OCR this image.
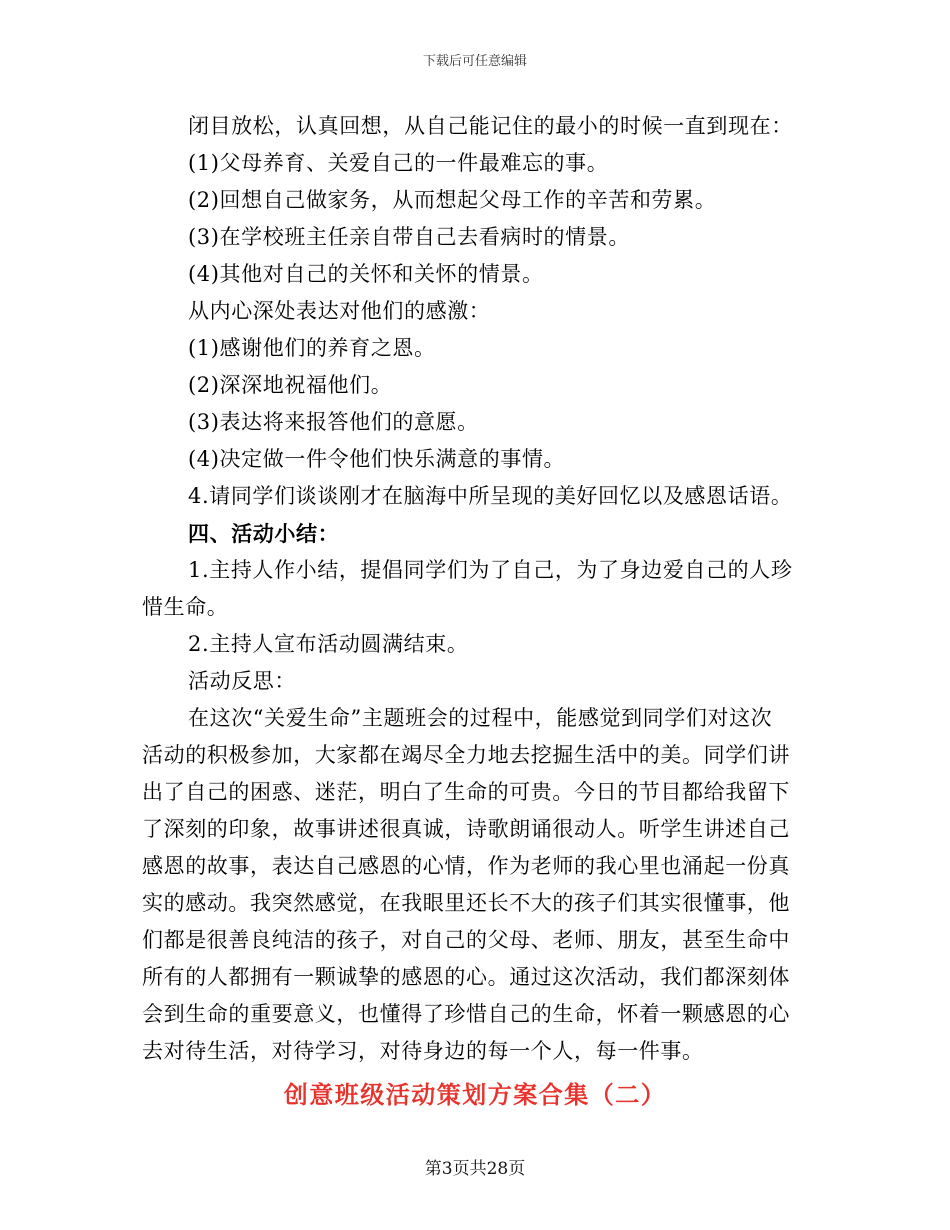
下载后可任意编辑
闭目放松，认真回想，从自己能记住的最小的时候一直到现在：
(1)父母养育、关爱自己的一件最难忘的事。
(2)回想自己做家务，从而想起父母工作的辛苦和劳累。
(3)在学校班主任亲自带自己去看病时的情景。
(4)其他对自己的关怀和关怀的情景。
从内心深处表达对他们的感激：
(1)感谢他们的养育之恩。
(2)深深地祝福他们。
(3)表达将来报答他们的意愿。
(4)决定做一件令他们快乐满意的事情。
4.请同学们谈谈刚才在脑海中所呈现的美好回忆以及感恩话语。
四、活动小结：
1.主持人作小结，提倡同学们为了自己，为了身边爱自己的人珍
惜生命。
2.主持人宣布活动圆满结束。
活动反思：
在这次“关爱生命”主题班会的过程中，能感觉到同学们对这次
活动的积极参加，大家都在竭尽全力地去挖掘生活中的美。同学们讲
出了自己的困惑、迷茫，明白了生命的可贵。今日的节目都给我留下
了深刻的印象，故事讲述很真诚，诗歌朗诵很动人。听学生讲述自己
感恩的故事，表达自己感恩的心情，作为老师的我心里也涌起一份真
实的感动。我突然感觉，在我眼里还长不大的孩子们其实很懂事，他
们都是很善良纯洁的孩子，对自己的父母、老师、朋友，甚至生命中
所有的人都拥有一颗诚挚的感恩的心。通过这次活动，我们都深刻体
会到生命的重要意义，也懂得了珍惜自己的生命，怀着一颗感恩的心
去对待生活，对待学习，对待身边的每一个人，每一件事。
创意班级活动策划方案合集（二）
第3页共28页
